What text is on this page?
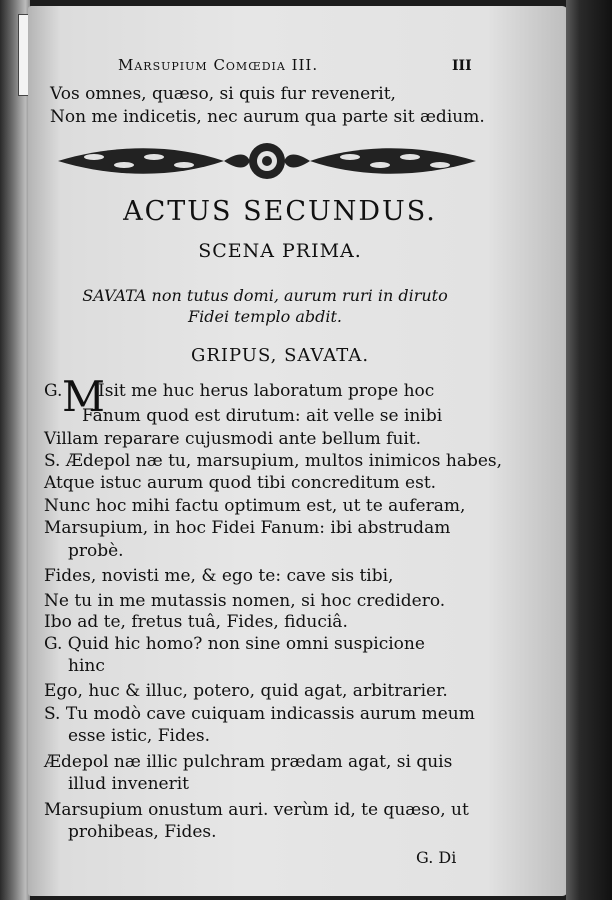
Marsupium Comœdia III.	III
Vos omnes, quæso, si quis fur revenerit,
Non me indicetis, nec aurum qua parte sit ædium.
ACTUS SECUNDUS.
SCENA PRIMA.
SAVATA non tutus domi, aurum ruri in diruto
Fidei templo abdit.
GRIPUS, SAVATA.
G. M
Isit me huc herus laboratum prope hoc
Fanum quod est dirutum: ait velle se inibi
Villam reparare cujusmodi ante bellum fuit.
S. Ædepol næ tu, marsupium, multos inimicos habes,
Atque istuc aurum quod tibi concreditum est.
Nunc hoc mihi factu optimum est, ut te auferam,
Marsupium, in hoc Fidei Fanum: ibi abstrudam
probè.
Fides, novisti me, & ego te: cave sis tibi,
Ne tu in me mutassis nomen, si hoc credidero.
Ibo ad te, fretus tuâ, Fides, fiduciâ.
G. Quid hic homo? non sine omni suspicione
hinc
Ego, huc & illuc, potero, quid agat, arbitrarier.
S. Tu modò cave cuiquam indicassis aurum meum
esse istic, Fides.
Ædepol næ illic pulchram prædam agat, si quis
illud invenerit
Marsupium onustum auri. verùm id, te quæso, ut
prohibeas, Fides.
G. Di
